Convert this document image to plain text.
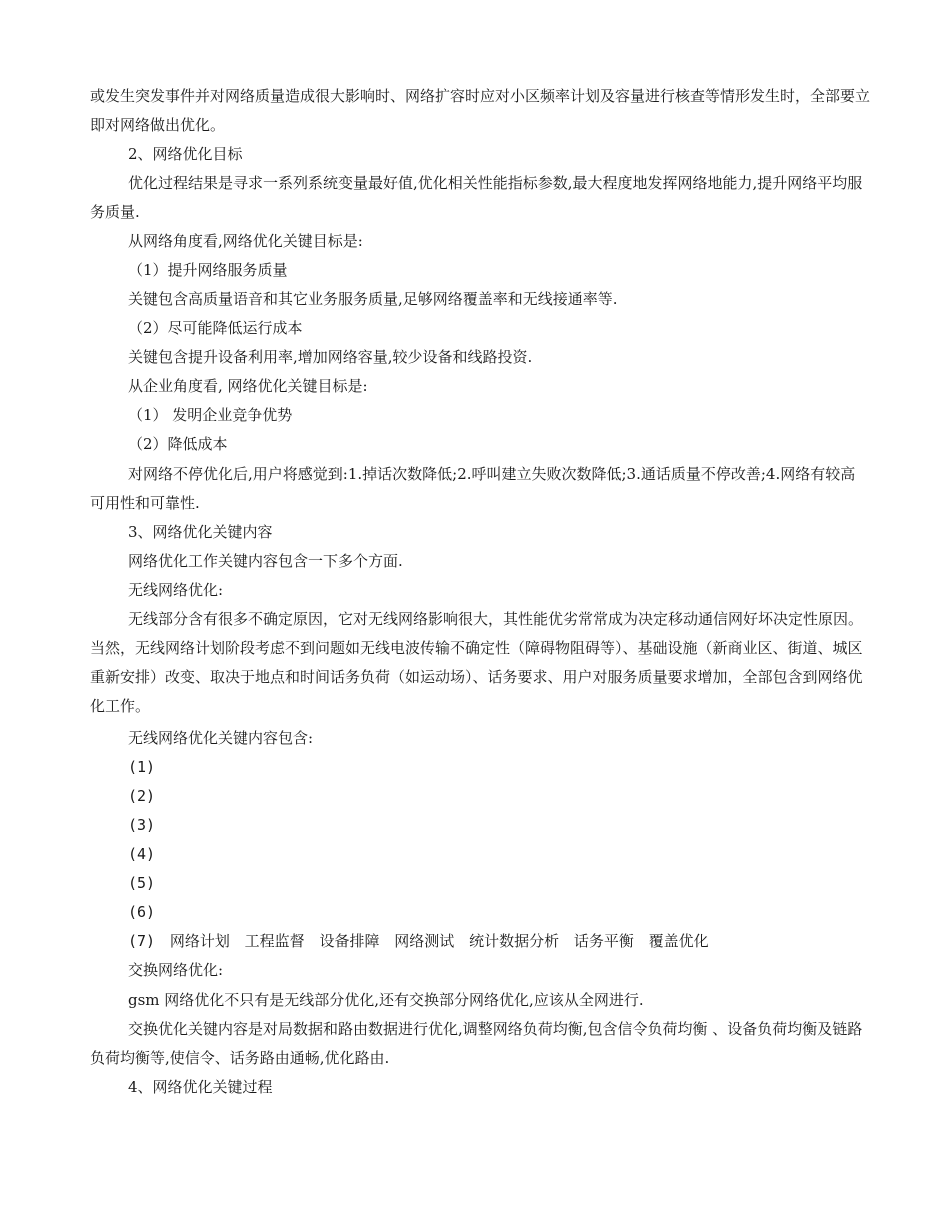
或发生突发事件并对网络质量造成很大影响时、网络扩容时应对小区频率计划及容量进行核查等情形发生时，全部要立即对网络做出优化。
2、网络优化目标
优化过程结果是寻求一系列系统变量最好值,优化相关性能指标参数,最大程度地发挥网络地能力,提升网络平均服务质量.
从网络角度看,网络优化关键目标是:
（1）提升网络服务质量
关键包含高质量语音和其它业务服务质量,足够网络覆盖率和无线接通率等.
（2）尽可能降低运行成本
关键包含提升设备利用率,增加网络容量,较少设备和线路投资.
从企业角度看, 网络优化关键目标是:
（1） 发明企业竞争优势
（2）降低成本
对网络不停优化后,用户将感觉到:1.掉话次数降低;2.呼叫建立失败次数降低;3.通话质量不停改善;4.网络有较高可用性和可靠性.
3、网络优化关键内容
网络优化工作关键内容包含一下多个方面.
无线网络优化:
无线部分含有很多不确定原因，它对无线网络影响很大，其性能优劣常常成为决定移动通信网好坏决定性原因。当然，无线网络计划阶段考虑不到问题如无线电波传输不确定性（障碍物阻碍等）、基础设施（新商业区、街道、城区重新安排）改变、取决于地点和时间话务负荷（如运动场）、话务要求、用户对服务质量要求增加，全部包含到网络优化工作。
无线网络优化关键内容包含:
(1)
(2)
(3)
(4)
(5)
(6)
(7) 网络计划 工程监督 设备排障 网络测试 统计数据分析 话务平衡 覆盖优化
交换网络优化:
gsm 网络优化不只有是无线部分优化,还有交换部分网络优化,应该从全网进行.
交换优化关键内容是对局数据和路由数据进行优化,调整网络负荷均衡,包含信令负荷均衡 、设备负荷均衡及链路负荷均衡等,使信令、话务路由通畅,优化路由.
4、网络优化关键过程
